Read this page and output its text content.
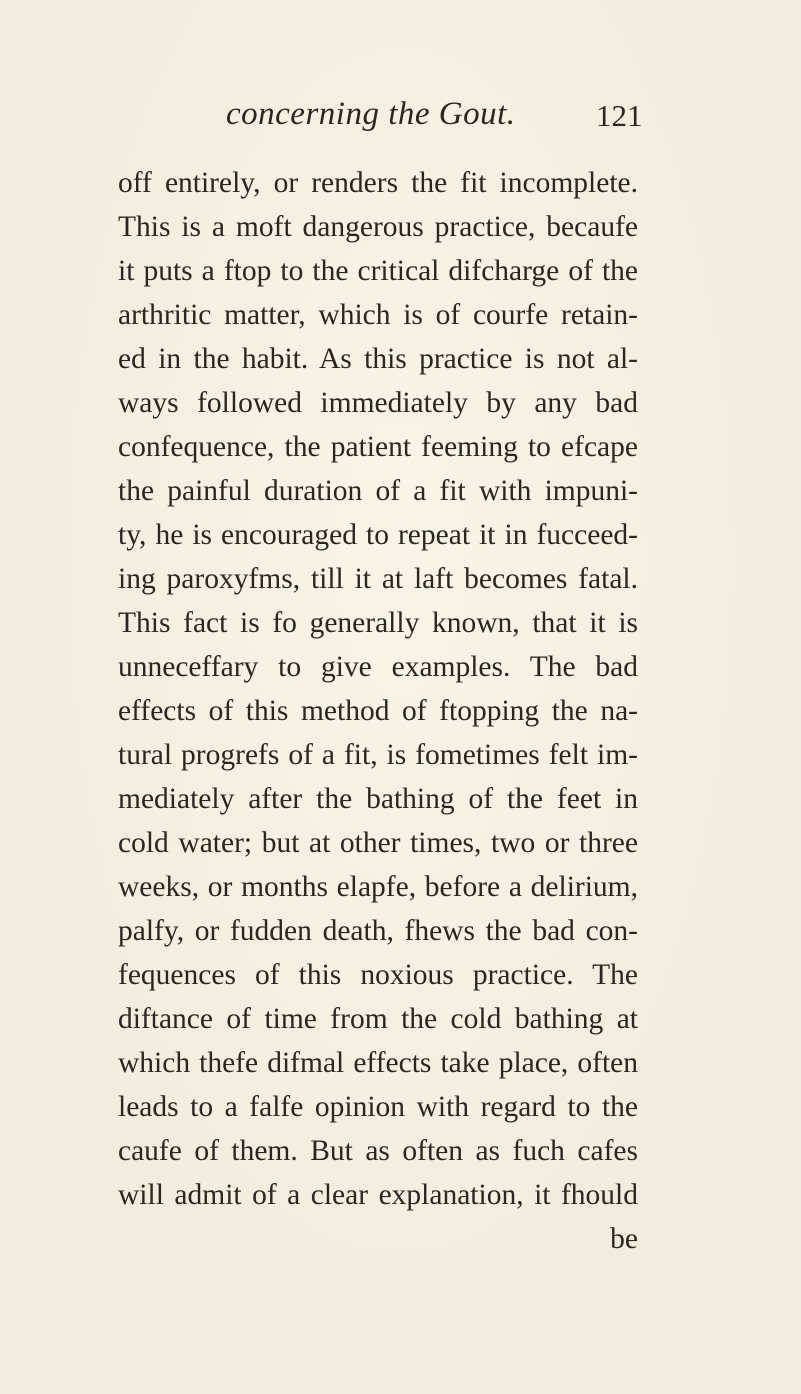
concerning the Gout.	121
off entirely, or renders the fit incomplete.
This is a moft dangerous practice, becaufe
it puts a ftop to the critical difcharge of the
arthritic matter, which is of courfe retain-
ed in the habit. As this practice is not al-
ways followed immediately by any bad
confequence, the patient feeming to efcape
the painful duration of a fit with impuni-
ty, he is encouraged to repeat it in fucceed-
ing paroxyfms, till it at laft becomes fatal.
This fact is fo generally known, that it is
unneceffary to give examples. The bad
effects of this method of ftopping the na-
tural progrefs of a fit, is fometimes felt im-
mediately after the bathing of the feet in
cold water; but at other times, two or three
weeks, or months elapfe, before a delirium,
palfy, or fudden death, fhews the bad con-
fequences of this noxious practice. The
diftance of time from the cold bathing at
which thefe difmal effects take place, often
leads to a falfe opinion with regard to the
caufe of them. But as often as fuch cafes
will admit of a clear explanation, it fhould
be
